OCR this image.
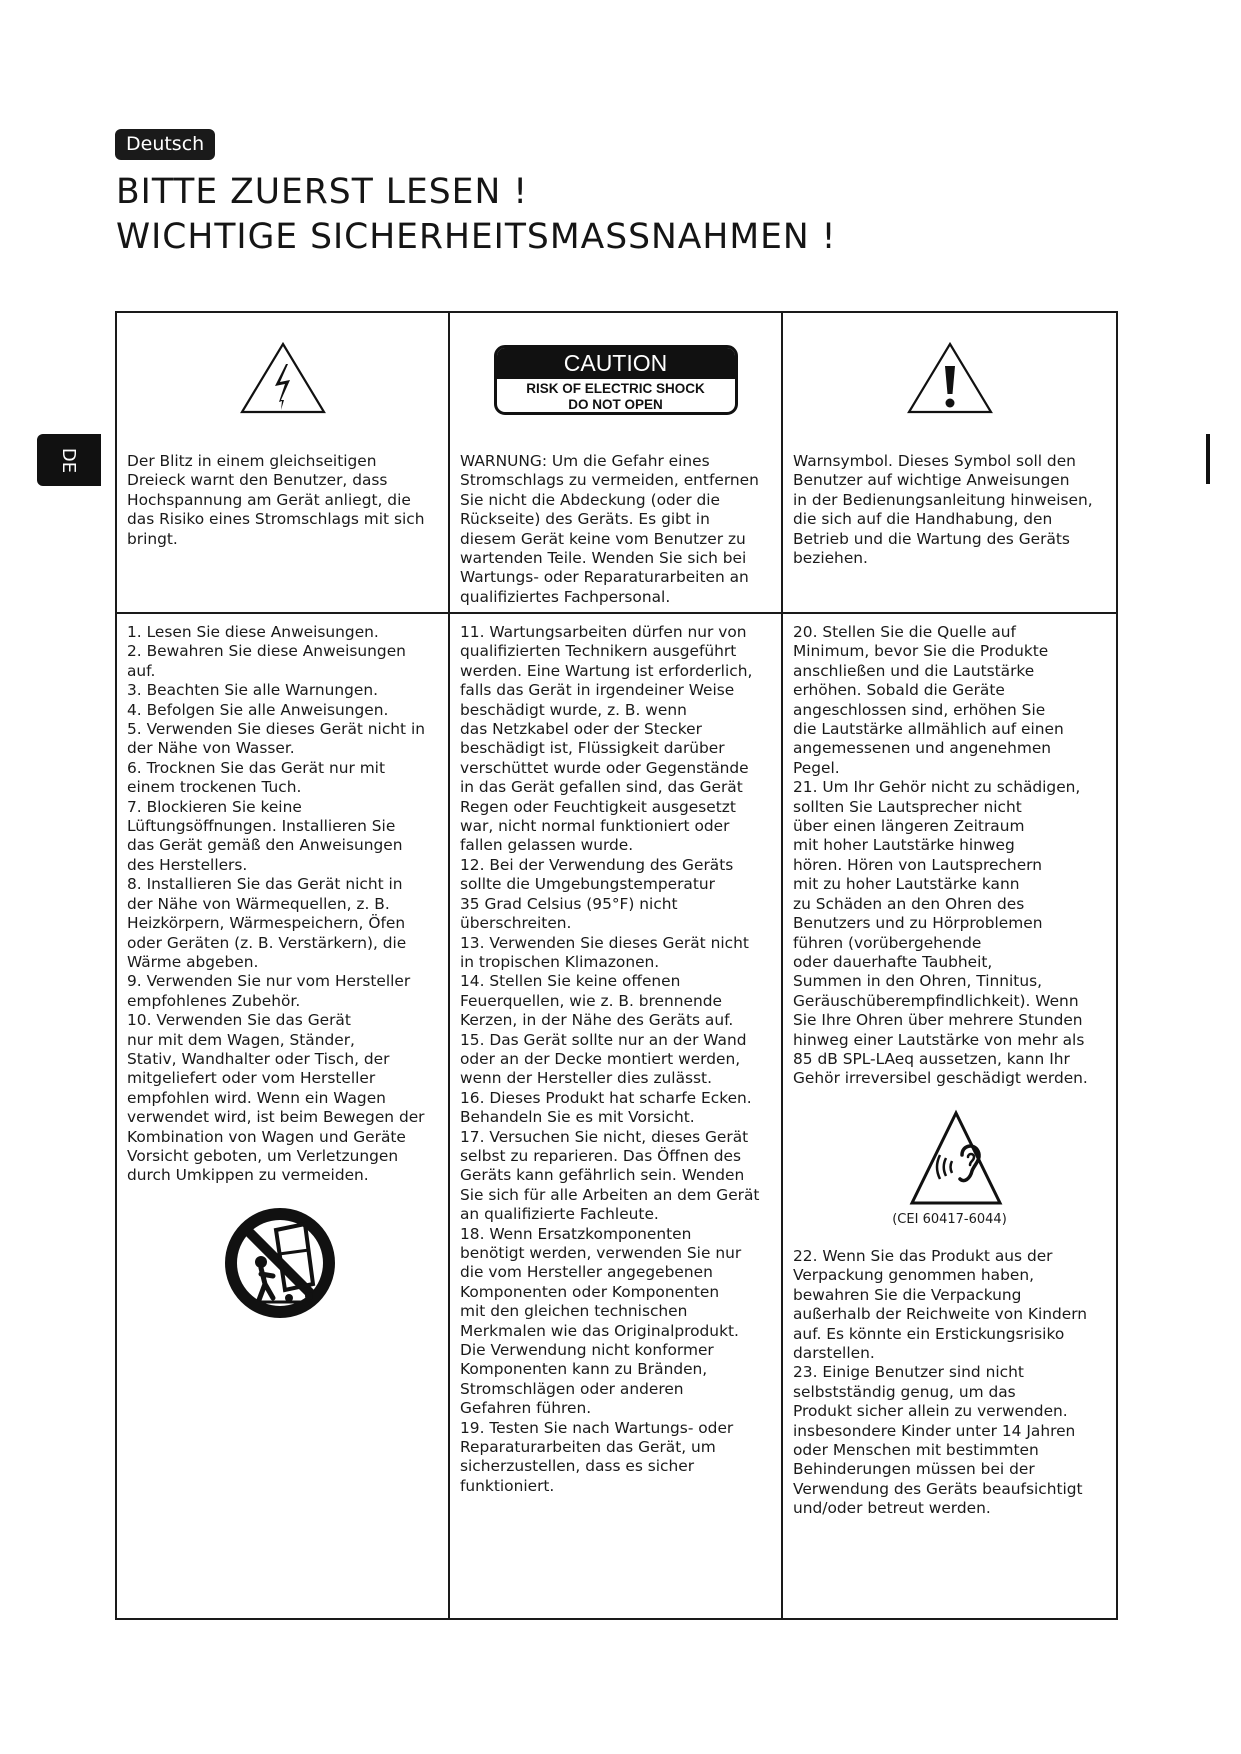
Deutsch
BITTE ZUERST LESEN !
WICHTIGE SICHERHEITSMASSNAHMEN !
DE
CAUTION
RISK OF ELECTRIC SHOCK
DO NOT OPEN
Der Blitz in einem gleichseitigen
Dreieck warnt den Benutzer, dass
Hochspannung am Gerät anliegt, die
das Risiko eines Stromschlags mit sich
bringt.
WARNUNG: Um die Gefahr eines
Stromschlags zu vermeiden, entfernen
Sie nicht die Abdeckung (oder die
Rückseite) des Geräts. Es gibt in
diesem Gerät keine vom Benutzer zu
wartenden Teile. Wenden Sie sich bei
Wartungs- oder Reparaturarbeiten an
qualifiziertes Fachpersonal.
Warnsymbol. Dieses Symbol soll den
Benutzer auf wichtige Anweisungen
in der Bedienungsanleitung hinweisen,
die sich auf die Handhabung, den
Betrieb und die Wartung des Geräts
beziehen.
1. Lesen Sie diese Anweisungen.
2. Bewahren Sie diese Anweisungen
auf.
3. Beachten Sie alle Warnungen.
4. Befolgen Sie alle Anweisungen.
5. Verwenden Sie dieses Gerät nicht in
der Nähe von Wasser.
6. Trocknen Sie das Gerät nur mit
einem trockenen Tuch.
7. Blockieren Sie keine
Lüftungsöffnungen. Installieren Sie
das Gerät gemäß den Anweisungen
des Herstellers.
8. Installieren Sie das Gerät nicht in
der Nähe von Wärmequellen, z. B.
Heizkörpern, Wärmespeichern, Öfen
oder Geräten (z. B. Verstärkern), die
Wärme abgeben.
9. Verwenden Sie nur vom Hersteller
empfohlenes Zubehör.
10. Verwenden Sie das Gerät
nur mit dem Wagen, Ständer,
Stativ, Wandhalter oder Tisch, der
mitgeliefert oder vom Hersteller
empfohlen wird. Wenn ein Wagen
verwendet wird, ist beim Bewegen der
Kombination von Wagen und Geräte
Vorsicht geboten, um Verletzungen
durch Umkippen zu vermeiden.
11. Wartungsarbeiten dürfen nur von
qualifizierten Technikern ausgeführt
werden. Eine Wartung ist erforderlich,
falls das Gerät in irgendeiner Weise
beschädigt wurde, z. B. wenn
das Netzkabel oder der Stecker
beschädigt ist, Flüssigkeit darüber
verschüttet wurde oder Gegenstände
in das Gerät gefallen sind, das Gerät
Regen oder Feuchtigkeit ausgesetzt
war, nicht normal funktioniert oder
fallen gelassen wurde.
12. Bei der Verwendung des Geräts
sollte die Umgebungstemperatur
35 Grad Celsius (95°F) nicht
überschreiten.
13. Verwenden Sie dieses Gerät nicht
in tropischen Klimazonen.
14. Stellen Sie keine offenen
Feuerquellen, wie z. B. brennende
Kerzen, in der Nähe des Geräts auf.
15. Das Gerät sollte nur an der Wand
oder an der Decke montiert werden,
wenn der Hersteller dies zulässt.
16. Dieses Produkt hat scharfe Ecken.
Behandeln Sie es mit Vorsicht.
17. Versuchen Sie nicht, dieses Gerät
selbst zu reparieren. Das Öffnen des
Geräts kann gefährlich sein. Wenden
Sie sich für alle Arbeiten an dem Gerät
an qualifizierte Fachleute.
18. Wenn Ersatzkomponenten
benötigt werden, verwenden Sie nur
die vom Hersteller angegebenen
Komponenten oder Komponenten
mit den gleichen technischen
Merkmalen wie das Originalprodukt.
Die Verwendung nicht konformer
Komponenten kann zu Bränden,
Stromschlägen oder anderen
Gefahren führen.
19. Testen Sie nach Wartungs- oder
Reparaturarbeiten das Gerät, um
sicherzustellen, dass es sicher
funktioniert.
20. Stellen Sie die Quelle auf
Minimum, bevor Sie die Produkte
anschließen und die Lautstärke
erhöhen. Sobald die Geräte
angeschlossen sind, erhöhen Sie
die Lautstärke allmählich auf einen
angemessenen und angenehmen
Pegel.
21. Um Ihr Gehör nicht zu schädigen,
sollten Sie Lautsprecher nicht
über einen längeren Zeitraum
mit hoher Lautstärke hinweg
hören. Hören von Lautsprechern
mit zu hoher Lautstärke kann
zu Schäden an den Ohren des
Benutzers und zu Hörproblemen
führen (vorübergehende
oder dauerhafte Taubheit,
Summen in den Ohren, Tinnitus,
Geräuschüberempfindlichkeit). Wenn
Sie Ihre Ohren über mehrere Stunden
hinweg einer Lautstärke von mehr als
85 dB SPL-LAeq aussetzen, kann Ihr
Gehör irreversibel geschädigt werden.
(CEI 60417-6044)
22. Wenn Sie das Produkt aus der
Verpackung genommen haben,
bewahren Sie die Verpackung
außerhalb der Reichweite von Kindern
auf. Es könnte ein Erstickungsrisiko
darstellen.
23. Einige Benutzer sind nicht
selbstständig genug, um das
Produkt sicher allein zu verwenden.
insbesondere Kinder unter 14 Jahren
oder Menschen mit bestimmten
Behinderungen müssen bei der
Verwendung des Geräts beaufsichtigt
und/oder betreut werden.
